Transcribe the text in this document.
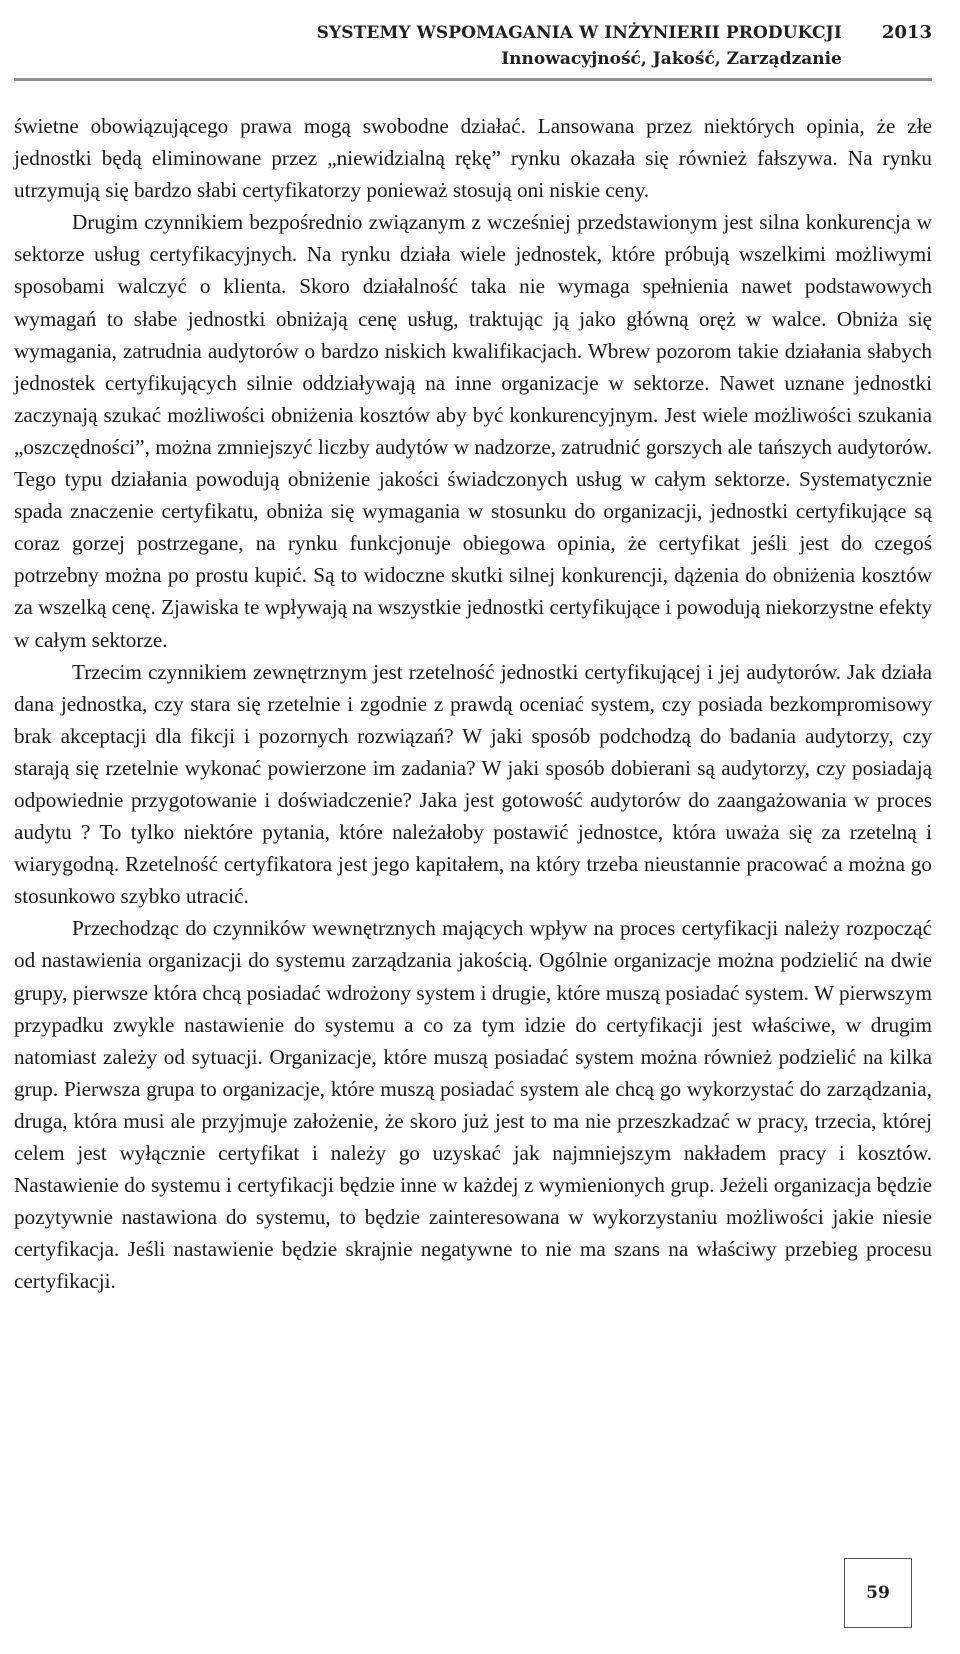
SYSTEMY WSPOMAGANIA W INŻYNIERII PRODUKCJI
Innowacyjność, Jakość, Zarządzanie
2013

świetne obowiązującego prawa mogą swobodne działać. Lansowana przez niektórych opinia, że złe jednostki będą eliminowane przez „niewidzialną rękę” rynku okazała się również fałszywa. Na rynku utrzymują się bardzo słabi certyfikatorzy ponieważ stosują oni niskie ceny.

Drugim czynnikiem bezpośrednio związanym z wcześniej przedstawionym jest silna konkurencja w sektorze usług certyfikacyjnych. Na rynku działa wiele jednostek, które próbują wszelkimi możliwymi sposobami walczyć o klienta. Skoro działalność taka nie wymaga spełnienia nawet podstawowych wymagań to słabe jednostki obniżają cenę usług, traktując ją jako główną oręż w walce. Obniża się wymagania, zatrudnia audytorów o bardzo niskich kwalifikacjach. Wbrew pozorom takie działania słabych jednostek certyfikujących silnie oddziaływają na inne organizacje w sektorze. Nawet uznane jednostki zaczynają szukać możliwości obniżenia kosztów aby być konkurencyjnym. Jest wiele możliwości szukania „oszczędności”, można zmniejszyć liczby audytów w nadzorze, zatrudnić gorszych ale tańszych audytorów. Tego typu działania powodują obniżenie jakości świadczonych usług w całym sektorze. Systematycznie spada znaczenie certyfikatu, obniża się wymagania w stosunku do organizacji, jednostki certyfikujące są coraz gorzej postrzegane, na rynku funkcjonuje obiegowa opinia, że certyfikat jeśli jest do czegoś potrzebny można po prostu kupić. Są to widoczne skutki silnej konkurencji, dążenia do obniżenia kosztów za wszelką cenę. Zjawiska te wpływają na wszystkie jednostki certyfikujące i powodują niekorzystne efekty w całym sektorze.

Trzecim czynnikiem zewnętrznym jest rzetelność jednostki certyfikującej i jej audytorów. Jak działa dana jednostka, czy stara się rzetelnie i zgodnie z prawdą oceniać system, czy posiada bezkompromisowy brak akceptacji dla fikcji i pozornych rozwiązań? W jaki sposób podchodzą do badania audytorzy, czy starają się rzetelnie wykonać powierzone im zadania? W jaki sposób dobierani są audytorzy, czy posiadają odpowiednie przygotowanie i doświadczenie? Jaka jest gotowość audytorów do zaangażowania w proces audytu ? To tylko niektóre pytania, które należałoby postawić jednostce, która uważa się za rzetelną i wiarygodną. Rzetelność certyfikatora jest jego kapitałem, na który trzeba nieustannie pracować a można go stosunkowo szybko utracić.

Przechodząc do czynników wewnętrznych mających wpływ na proces certyfikacji należy rozpocząć od nastawienia organizacji do systemu zarządzania jakością. Ogólnie organizacje można podzielić na dwie grupy, pierwsze która chcą posiadać wdrożony system i drugie, które muszą posiadać system. W pierwszym przypadku zwykle nastawienie do systemu a co za tym idzie do certyfikacji jest właściwe, w drugim natomiast zależy od sytuacji. Organizacje, które muszą posiadać system można również podzielić na kilka grup. Pierwsza grupa to organizacje, które muszą posiadać system ale chcą go wykorzystać do zarządzania, druga, która musi ale przyjmuje założenie, że skoro już jest to ma nie przeszkadzać w pracy, trzecia, której celem jest wyłącznie certyfikat i należy go uzyskać jak najmniejszym nakładem pracy i kosztów. Nastawienie do systemu i certyfikacji będzie inne w każdej z wymienionych grup. Jeżeli organizacja będzie pozytywnie nastawiona do systemu, to będzie zainteresowana w wykorzystaniu możliwości jakie niesie certyfikacja. Jeśli nastawienie będzie skrajnie negatywne to nie ma szans na właściwy przebieg procesu certyfikacji.

59
